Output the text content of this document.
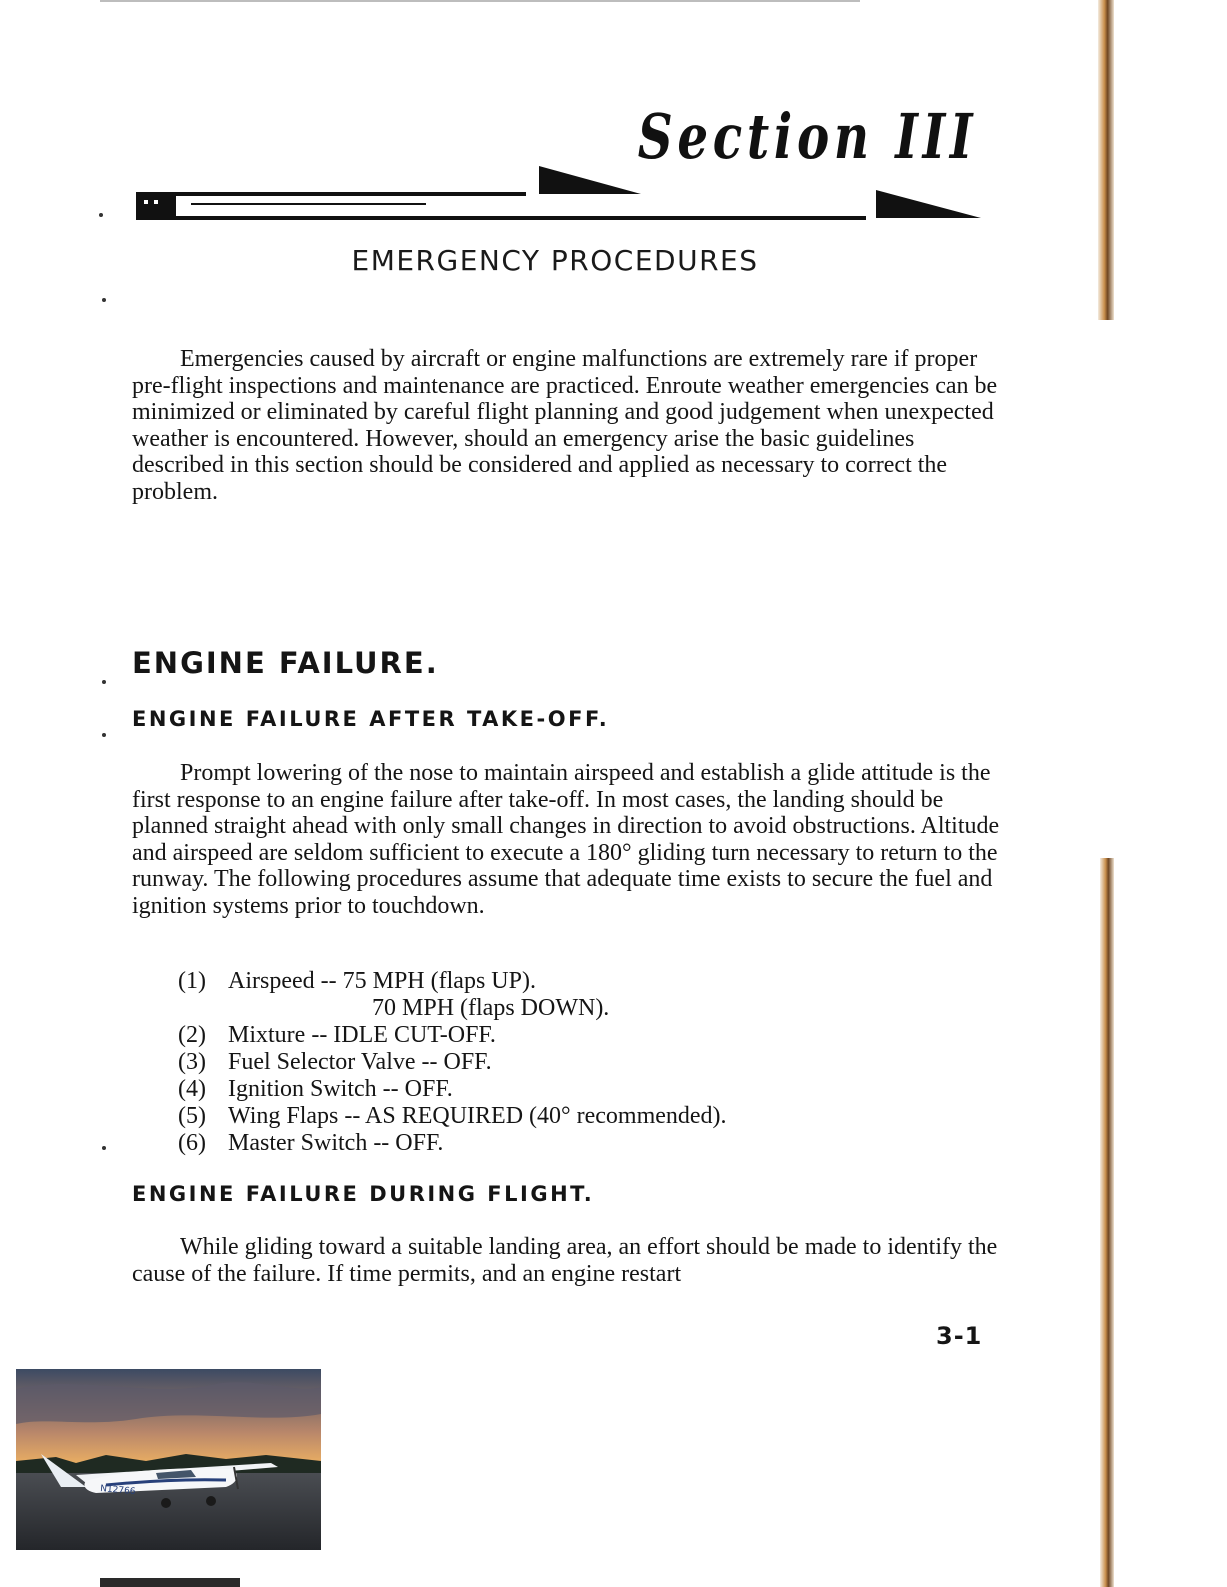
Section III
EMERGENCY PROCEDURES

Emergencies caused by aircraft or engine malfunctions are extremely rare if proper pre-flight inspections and maintenance are practiced. Enroute weather emergencies can be minimized or eliminated by careful flight planning and good judgement when unexpected weather is encountered. However, should an emergency arise the basic guidelines described in this section should be considered and applied as necessary to correct the problem.

ENGINE FAILURE.
ENGINE FAILURE AFTER TAKE-OFF.

Prompt lowering of the nose to maintain airspeed and establish a glide attitude is the first response to an engine failure after take-off. In most cases, the landing should be planned straight ahead with only small changes in direction to avoid obstructions. Altitude and airspeed are seldom sufficient to execute a 180° gliding turn necessary to return to the runway. The following procedures assume that adequate time exists to secure the fuel and ignition systems prior to touchdown.

(1) Airspeed -- 75 MPH (flaps UP).
70 MPH (flaps DOWN).
(2) Mixture -- IDLE CUT-OFF.
(3) Fuel Selector Valve -- OFF.
(4) Ignition Switch -- OFF.
(5) Wing Flaps -- AS REQUIRED (40° recommended).
(6) Master Switch -- OFF.
ENGINE FAILURE DURING FLIGHT.

While gliding toward a suitable landing area, an effort should be made to identify the cause of the failure. If time permits, and an engine restart

3-1
N12766
